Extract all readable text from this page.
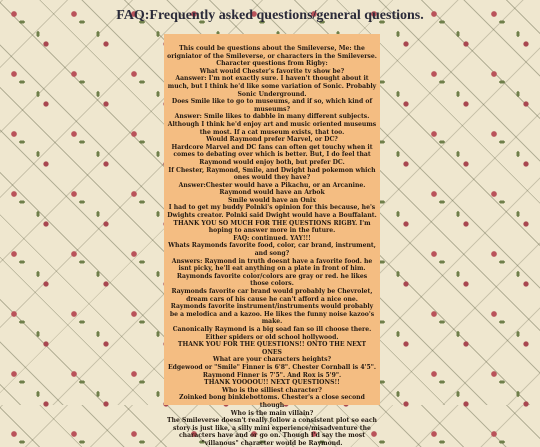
FAQ:Frequently asked questions/general questions.

This could be questions about the Smileverse, Me: the origniator of the Smileverse, or characters in the Smileverse.

Character questions from Rigby:

What would Chester's favorite tv show be?

Aanswer: I'm not exactly sure. I haven't thought about it much, but I think he'd like some variation of Sonic. Probably Sonic Underground.

Does Smile like to go to museums, and if so, which kind of museums?

Answer: Smile likes to dabble in many different subjects. Although I think he'd enjoy art and music oriented museums the most. If a cat museum exists, that too.

Would Raymond prefer Marvel, or DC?

Hardcore Marvel and DC fans can often get touchy when it comes to debating over which is better. But, I do feel that Raymond would enjoy both, but prefer DC.

If Chester, Raymond, Smile, and Dwight had pokemon which ones would they have?

Answer:Chester would have a Pikachu, or an Arcanine.

Raymond would have an Arbok

Smile would have an Onix

I had to get my buddy Polnki's opinion for this because, he's Dwights creator. Polnki said Dwight would have a Bouffalant.

THANK YOU SO MUCH FOR THE QUESTIONS RIGBY. I'm hoping to answer more in the future.

FAQ: continued. YAY!!!

Whats Raymonds favorite food, color, car brand, instrument, and song?

Answers: Raymond in truth doesnt have a favorite food. he isnt picky, he'll eat anything on a plate in front of him.

Raymonds favorite color/colors are gray or red. he likes those colors.

Raymonds favorite car brand would probably be Chevrolet, dream cars of his cause he can't afford a nice one.

Raymonds favorite instrument/instruments would probably be a melodica and a kazoo. He likes the funny noise kazoo's make.

Canonically Raymond is a big soad fan so ill choose there. Either spiders or old school hollywood.

THANK YOU FOR THE QUESTIONS!! ONTO THE NEXT ONES

What are your characters heights?

Edgewood or "Smile" Finner is 6'8". Chester Cornball is 4'5".

Raymond Finner is 7'5". And Rox is 5'9".

THANK YOOOOU!! NEXT QUESTIONS!!

Who is the silliest character?

Zoinked bong binklebottoms. Chester's a close second though

Who is the main villain?

The Smileverse doesn't really follow a consistent plot so each story is just like, a silly mini experience/misadventure the characters have and or go on. Though I'd say the most "villanous" character would be Raymond.
